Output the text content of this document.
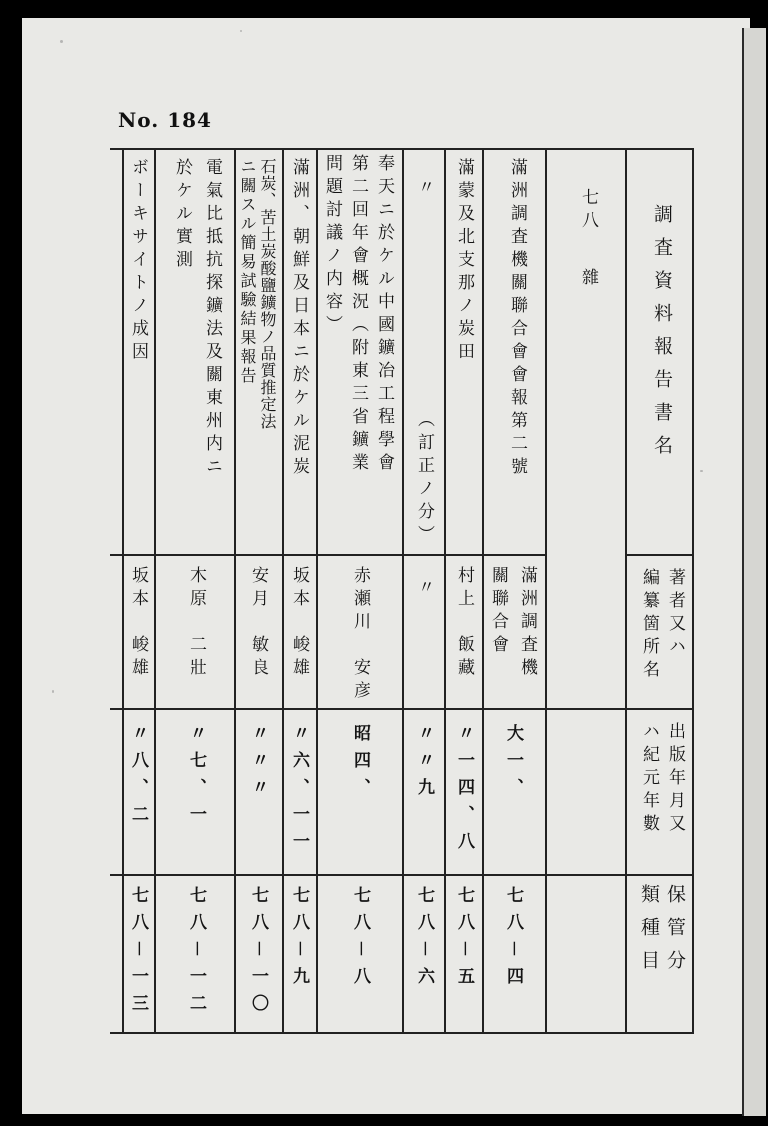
No. 184
調査資料報告書名
著者又ハ
編纂箇所名
出版年月又
ハ紀元年數
保管分
類種目
七八
雜
滿洲調査機關聯合會會報第二號
滿洲調査機
關聯合會
大一、
七八－四
滿蒙及北支那ノ炭田
村上　飯藏
〃一四、八
七八－五
〃
（訂正ノ分）
〃
〃〃九
七八－六
奉天ニ於ケル中國鑛冶工程學會
第二回年會概況（附東三省鑛業
問題討議ノ内容）
赤瀬川　安彦
昭四、
七八－八
滿洲、朝鮮及日本ニ於ケル泥炭
坂本　峻雄
〃六、一一
七八－九
石炭、苦土炭酸鹽鑛物ノ品質推定法
ニ關スル簡易試驗結果報告
安月　敏良
〃〃〃
七八－一〇
電氣比抵抗探鑛法及關東州内ニ
於ケル實測
木原　二壯
〃七、一
七八－一二
ボーキサイトノ成因
坂本　峻雄
〃八、二
七八－一三
